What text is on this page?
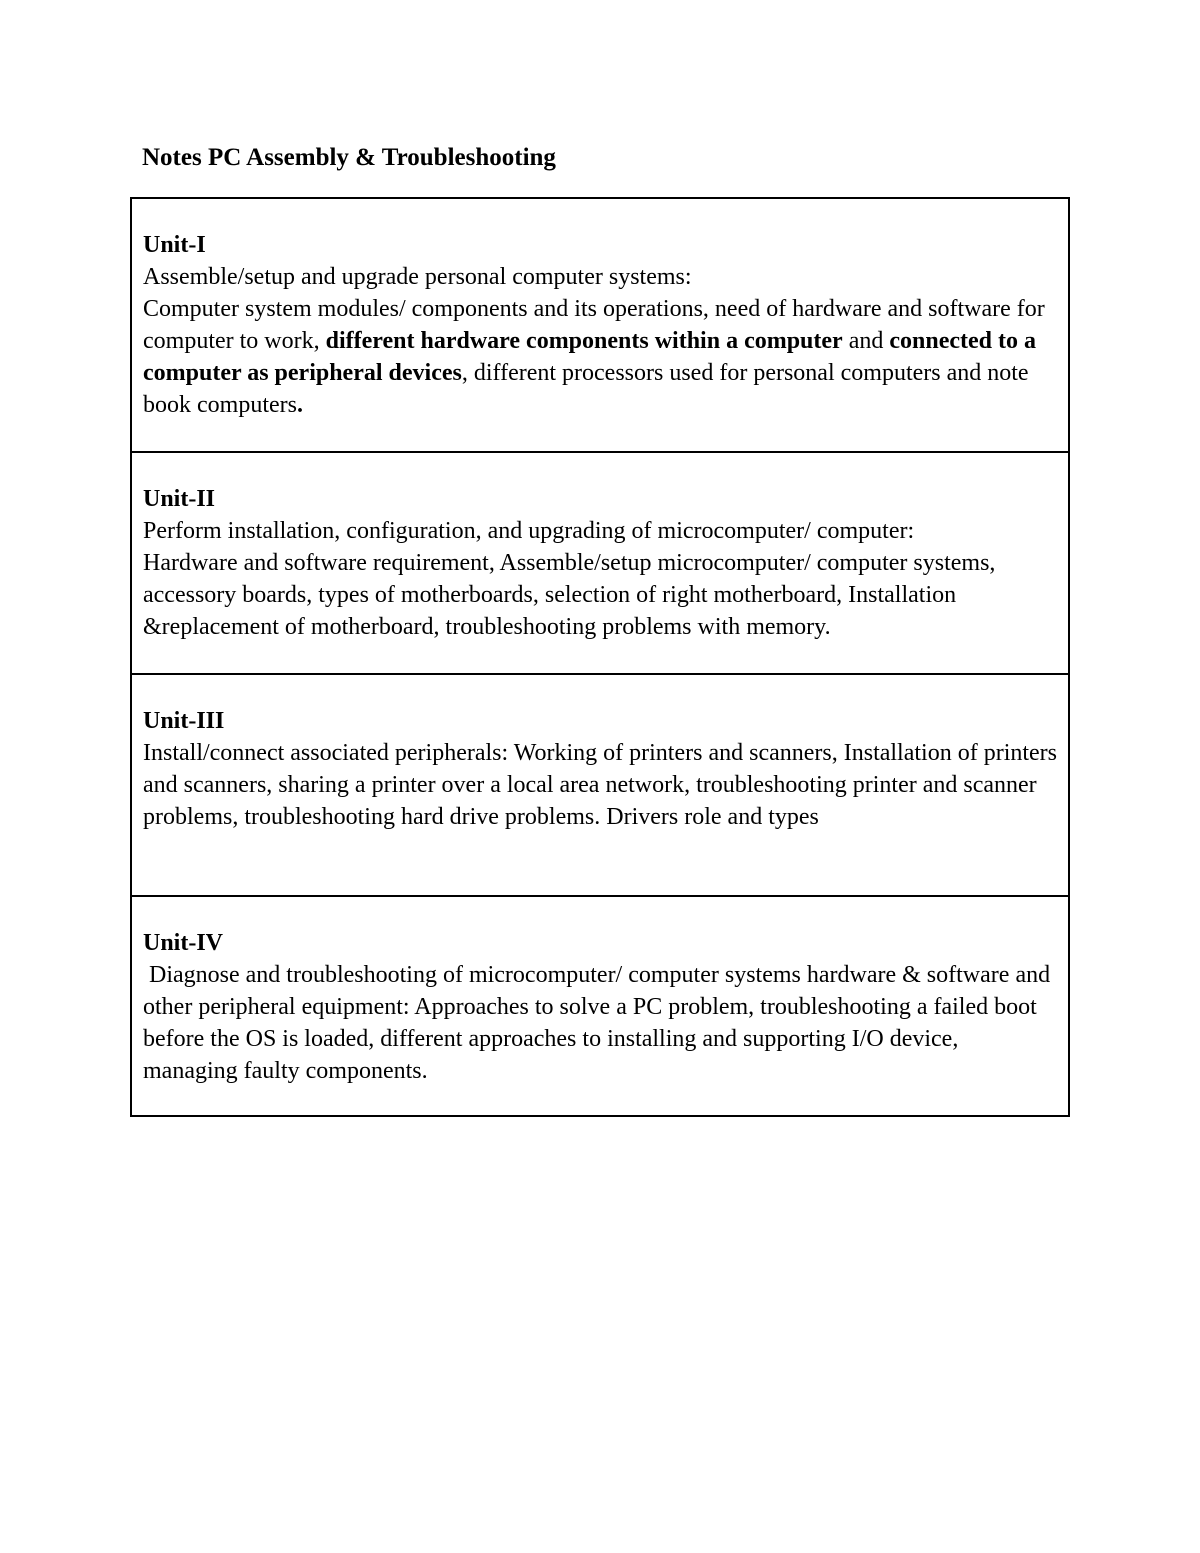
Notes PC Assembly & Troubleshooting
Unit-I
Assemble/setup and upgrade personal computer systems:
Computer system modules/ components and its operations, need of hardware and software for computer to work, different hardware components within a computer and connected to a computer as peripheral devices, different processors used for personal computers and note book computers.
Unit-II
Perform installation, configuration, and upgrading of microcomputer/ computer:
Hardware and software requirement, Assemble/setup microcomputer/ computer systems, accessory boards, types of motherboards, selection of right motherboard, Installation &replacement of motherboard, troubleshooting problems with memory.
Unit-III
Install/connect associated peripherals: Working of printers and scanners, Installation of printers and scanners, sharing a printer over a local area network, troubleshooting printer and scanner problems, troubleshooting hard drive problems. Drivers role and types
Unit-IV
Diagnose and troubleshooting of microcomputer/ computer systems hardware & software and other peripheral equipment: Approaches to solve a PC problem, troubleshooting a failed boot before the OS is loaded, different approaches to installing and supporting I/O device, managing faulty components.
